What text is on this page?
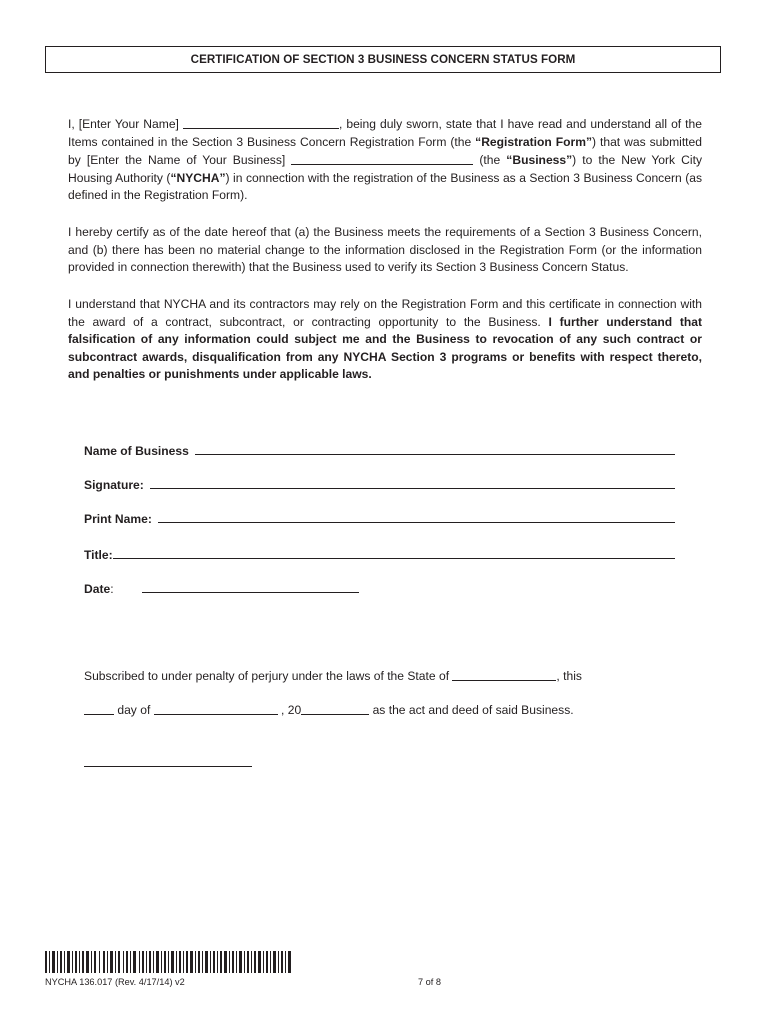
CERTIFICATION OF SECTION 3 BUSINESS CONCERN STATUS FORM

I, [Enter Your Name]	, being duly sworn, state that I have read and understand all of the Items contained in the Section 3 Business Concern Registration Form (the “Registration Form”) that was submitted by [Enter the Name of Your Business]	(the “Business”) to the New York City Housing Authority (“NYCHA”) in connection with the registration of the Business as a Section 3 Business Concern (as defined in the Registration Form).

I hereby certify as of the date hereof that (a) the Business meets the requirements of a Section 3 Business Concern, and (b) there has been no material change to the information disclosed in the Registration Form (or the information provided in connection therewith) that the Business used to verify its Section 3 Business Concern Status.

I understand that NYCHA and its contractors may rely on the Registration Form and this certificate in connection with the award of a contract, subcontract, or contracting opportunity to the Business. I further understand that falsification of any information could subject me and the Business to revocation of any such contract or subcontract awards, disqualification from any NYCHA Section 3 programs or benefits with respect thereto, and penalties or punishments under applicable laws.

Name of Business
Signature:
Print Name:
Title:
Date:
Subscribed to under penalty of perjury under the laws of the State of	, this
day of	, 20	as the act and deed of said Business.
NYCHA 136.017 (Rev. 4/17/14) v2	7 of 8
